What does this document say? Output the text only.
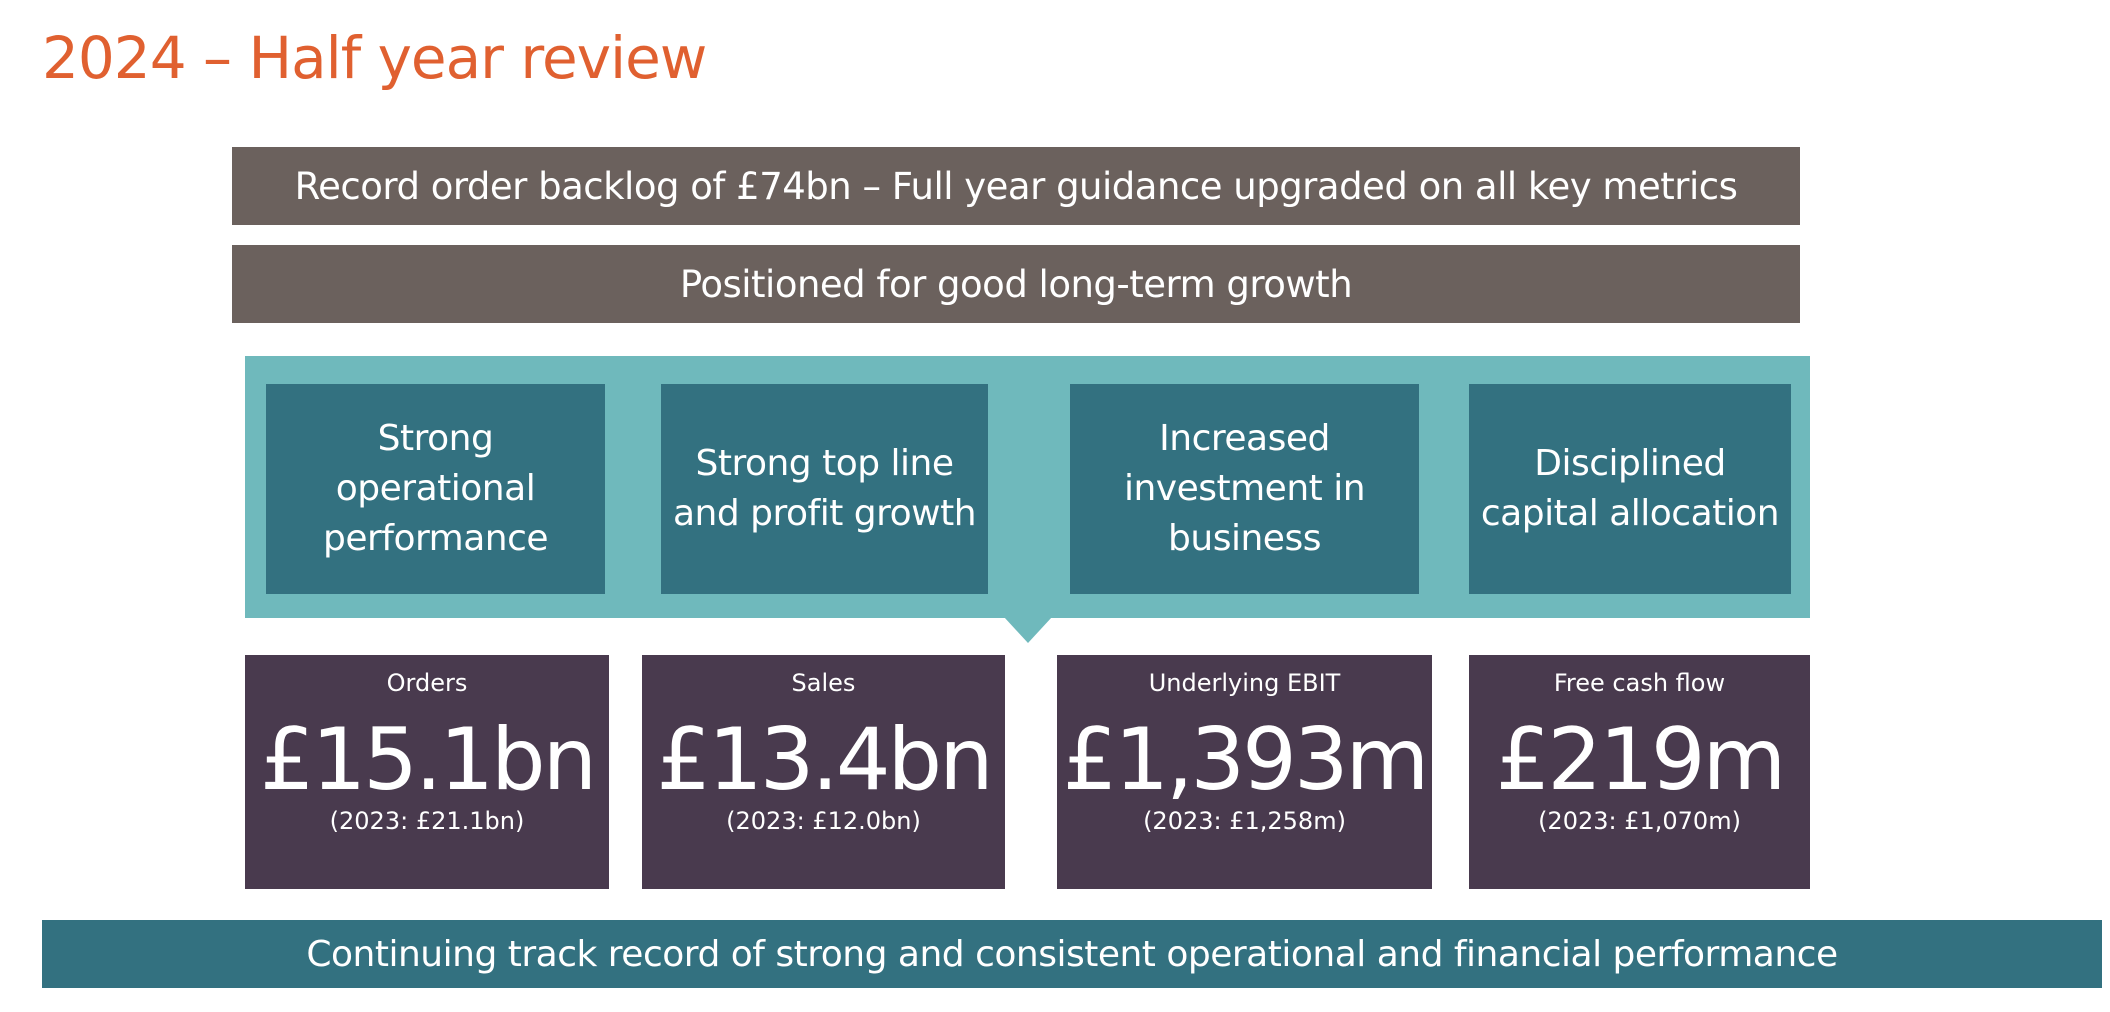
2024 – Half year review
Record order backlog of £74bn – Full year guidance upgraded on all key metrics
Positioned for good long-term growth
Strong operational performance
Strong top line and profit growth
Increased investment in business
Disciplined capital allocation
Orders
£15.1bn
(2023: £21.1bn)
Sales
£13.4bn
(2023: £12.0bn)
Underlying EBIT
£1,393m
(2023: £1,258m)
Free cash flow
£219m
(2023: £1,070m)
Continuing track record of strong and consistent operational and financial performance
